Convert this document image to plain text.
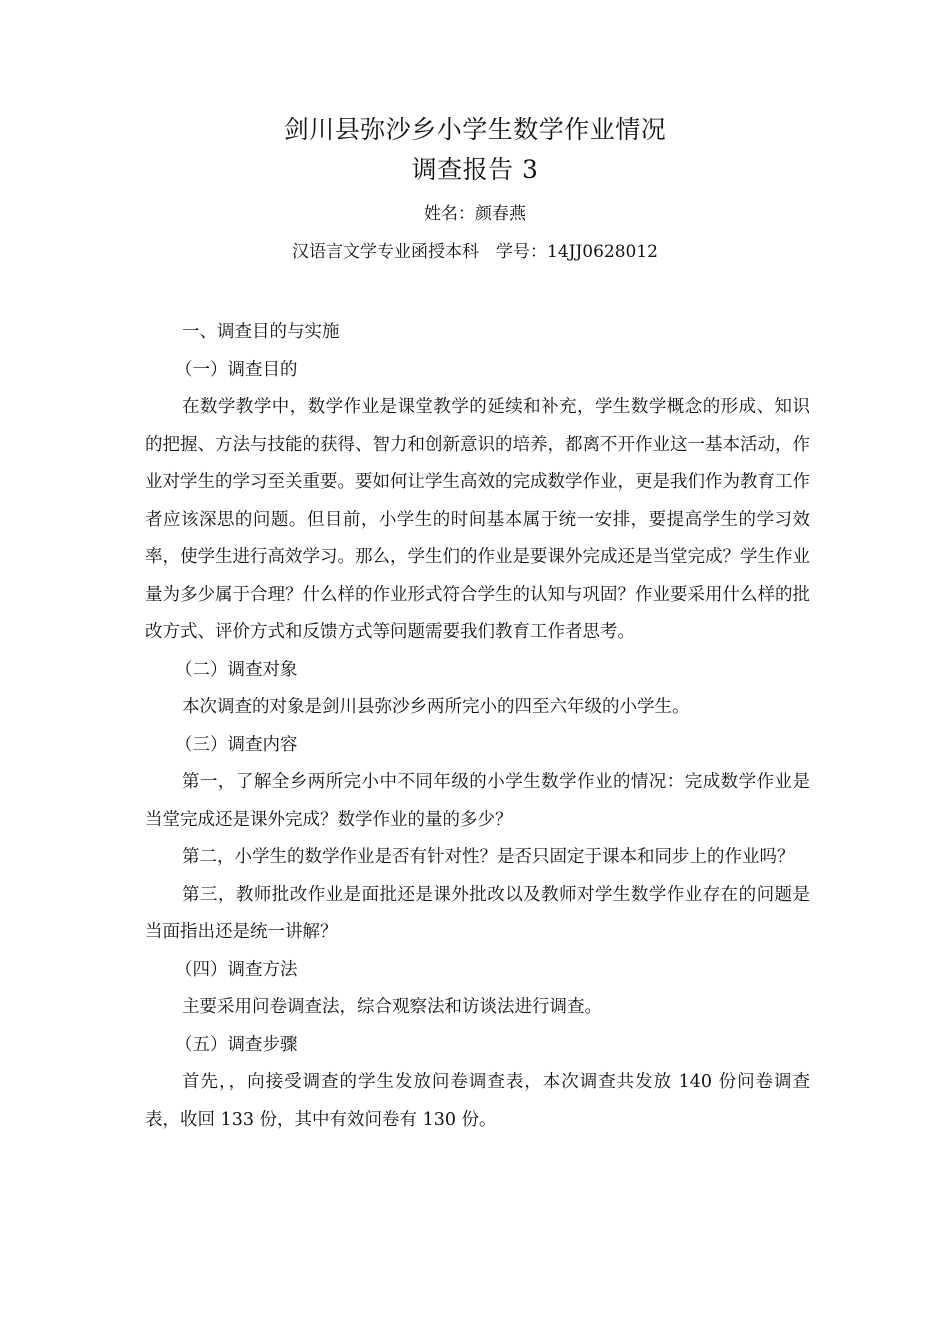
剑川县弥沙乡小学生数学作业情况
调查报告 3
姓名：颜春燕
汉语言文学专业函授本科　学号：14JJ0628012

一、调查目的与实施

（一）调查目的

在数学教学中，数学作业是课堂教学的延续和补充，学生数学概念的形成、知识的把握、方法与技能的获得、智力和创新意识的培养，都离不开作业这一基本活动，作业对学生的学习至关重要。要如何让学生高效的完成数学作业，更是我们作为教育工作者应该深思的问题。但目前，小学生的时间基本属于统一安排，要提高学生的学习效率，使学生进行高效学习。那么，学生们的作业是要课外完成还是当堂完成？学生作业量为多少属于合理？什么样的作业形式符合学生的认知与巩固？作业要采用什么样的批改方式、评价方式和反馈方式等问题需要我们教育工作者思考。

（二）调查对象

本次调查的对象是剑川县弥沙乡两所完小的四至六年级的小学生。

（三）调查内容

第一，了解全乡两所完小中不同年级的小学生数学作业的情况：完成数学作业是当堂完成还是课外完成？数学作业的量的多少？

第二，小学生的数学作业是否有针对性？是否只固定于课本和同步上的作业吗？

第三，教师批改作业是面批还是课外批改以及教师对学生数学作业存在的问题是当面指出还是统一讲解？

（四）调查方法

主要采用问卷调查法，综合观察法和访谈法进行调查。

（五）调查步骤

首先，，向接受调查的学生发放问卷调查表，本次调查共发放 140 份问卷调查表，收回 133 份，其中有效问卷有 130 份。
